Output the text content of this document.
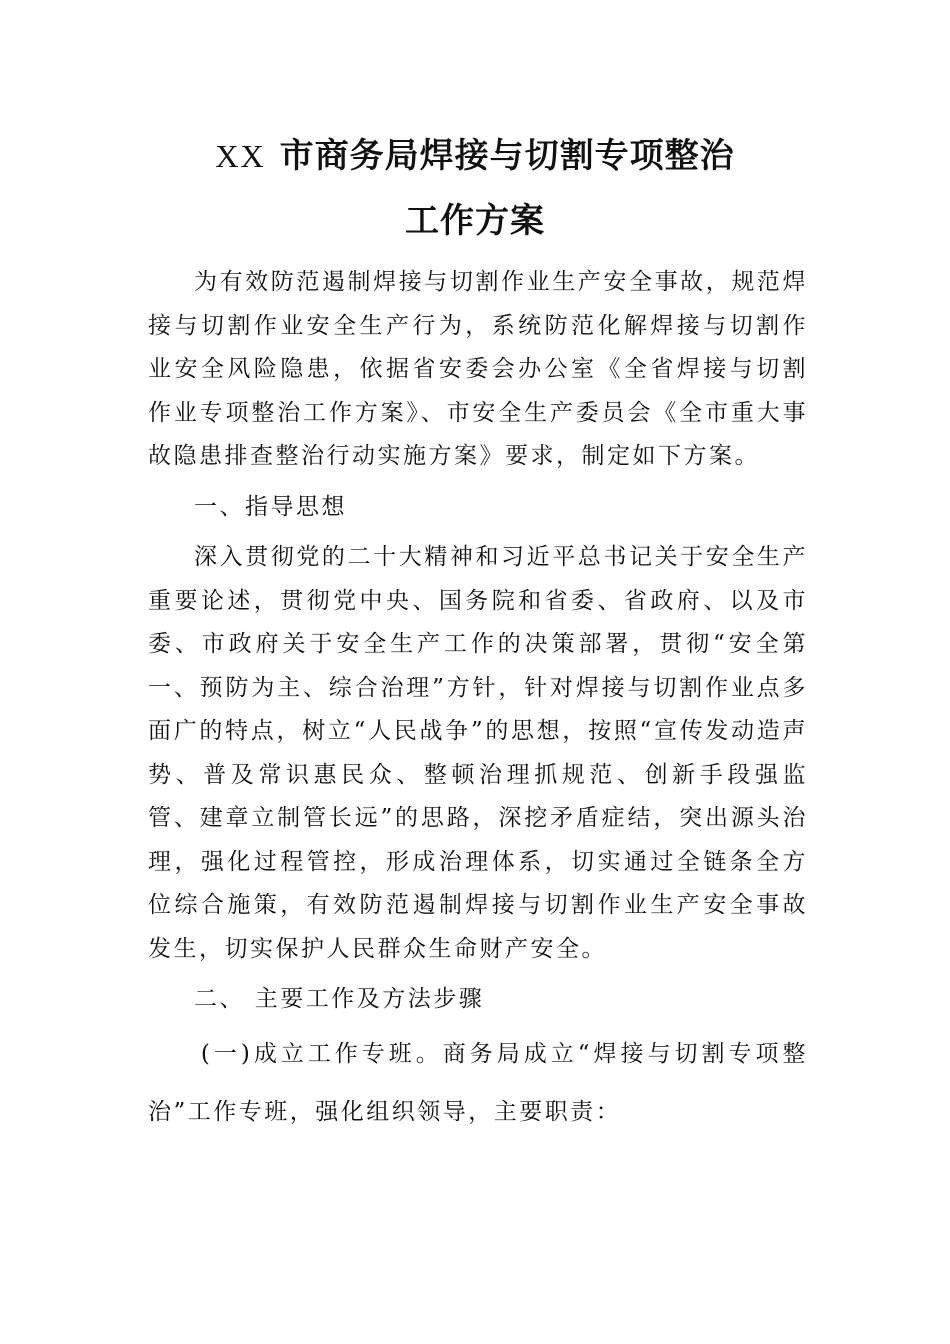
XX 市商务局焊接与切割专项整治
工作方案

为有效防范遏制焊接与切割作业生产安全事故，规范焊接与切割作业安全生产行为，系统防范化解焊接与切割作业安全风险隐患，依据省安委会办公室《全省焊接与切割作业专项整治工作方案》、市安全生产委员会《全市重大事故隐患排查整治行动实施方案》要求，制定如下方案。

一、指导思想

深入贯彻党的二十大精神和习近平总书记关于安全生产重要论述，贯彻党中央、国务院和省委、省政府、以及市委、市政府关于安全生产工作的决策部署，贯彻“安全第一、预防为主、综合治理”方针，针对焊接与切割作业点多面广的特点，树立“人民战争”的思想，按照“宣传发动造声势、普及常识惠民众、整顿治理抓规范、创新手段强监管、建章立制管长远”的思路，深挖矛盾症结，突出源头治理，强化过程管控，形成治理体系，切实通过全链条全方位综合施策，有效防范遏制焊接与切割作业生产安全事故发生，切实保护人民群众生命财产安全。

二、 主要工作及方法步骤

(一)成立工作专班。商务局成立“焊接与切割专项整治”工作专班，强化组织领导，主要职责：
